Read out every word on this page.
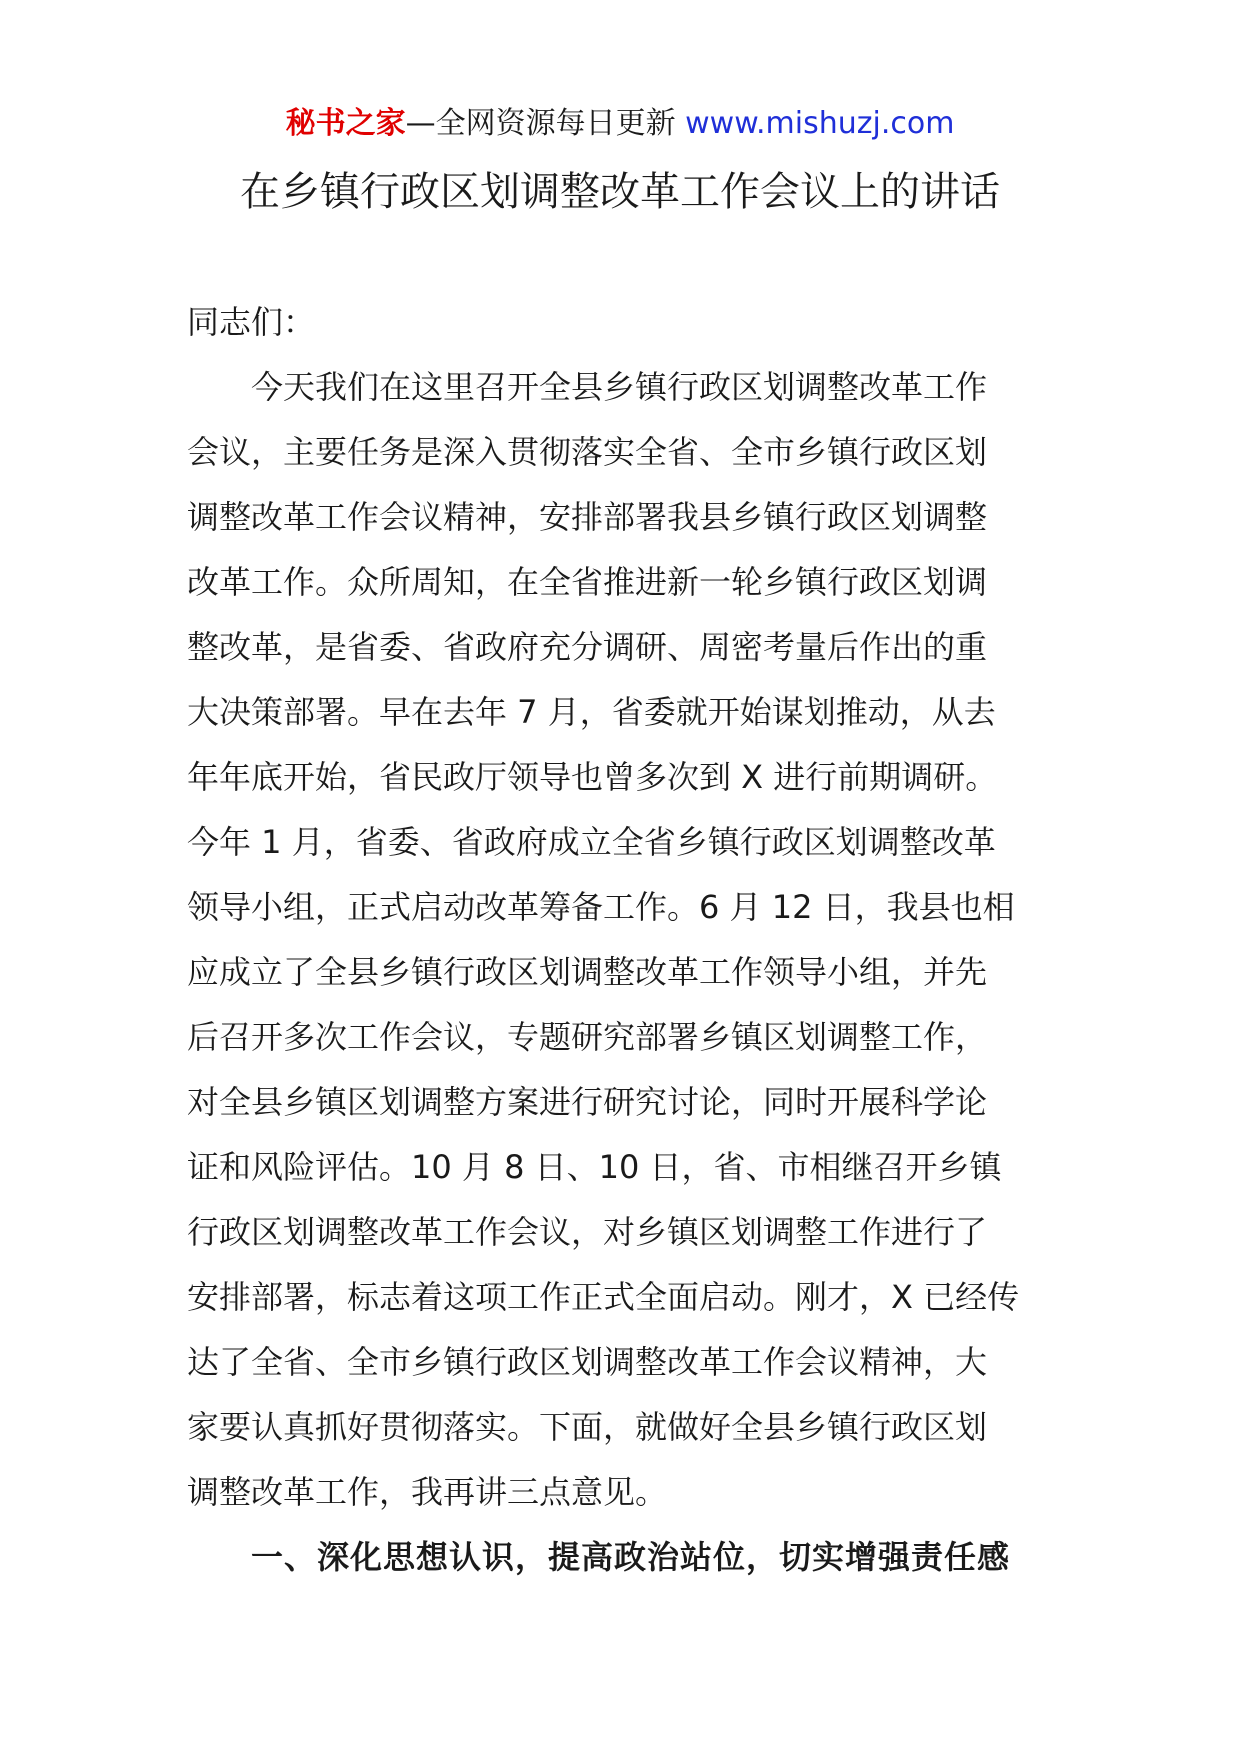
秘书之家—全网资源每日更新 www.mishuzj.com
在乡镇行政区划调整改革工作会议上的讲话

同志们：

今天我们在这里召开全县乡镇行政区划调整改革工作
会议，主要任务是深入贯彻落实全省、全市乡镇行政区划
调整改革工作会议精神，安排部署我县乡镇行政区划调整
改革工作。众所周知，在全省推进新一轮乡镇行政区划调
整改革，是省委、省政府充分调研、周密考量后作出的重
大决策部署。早在去年 7 月，省委就开始谋划推动，从去
年年底开始，省民政厅领导也曾多次到 X 进行前期调研。
今年 1 月，省委、省政府成立全省乡镇行政区划调整改革
领导小组，正式启动改革筹备工作。6 月 12 日，我县也相
应成立了全县乡镇行政区划调整改革工作领导小组，并先
后召开多次工作会议，专题研究部署乡镇区划调整工作，
对全县乡镇区划调整方案进行研究讨论，同时开展科学论
证和风险评估。10 月 8 日、10 日，省、市相继召开乡镇
行政区划调整改革工作会议，对乡镇区划调整工作进行了
安排部署，标志着这项工作正式全面启动。刚才，X 已经传
达了全省、全市乡镇行政区划调整改革工作会议精神，大
家要认真抓好贯彻落实。下面，就做好全县乡镇行政区划
调整改革工作，我再讲三点意见。
一、深化思想认识，提高政治站位，切实增强责任感
